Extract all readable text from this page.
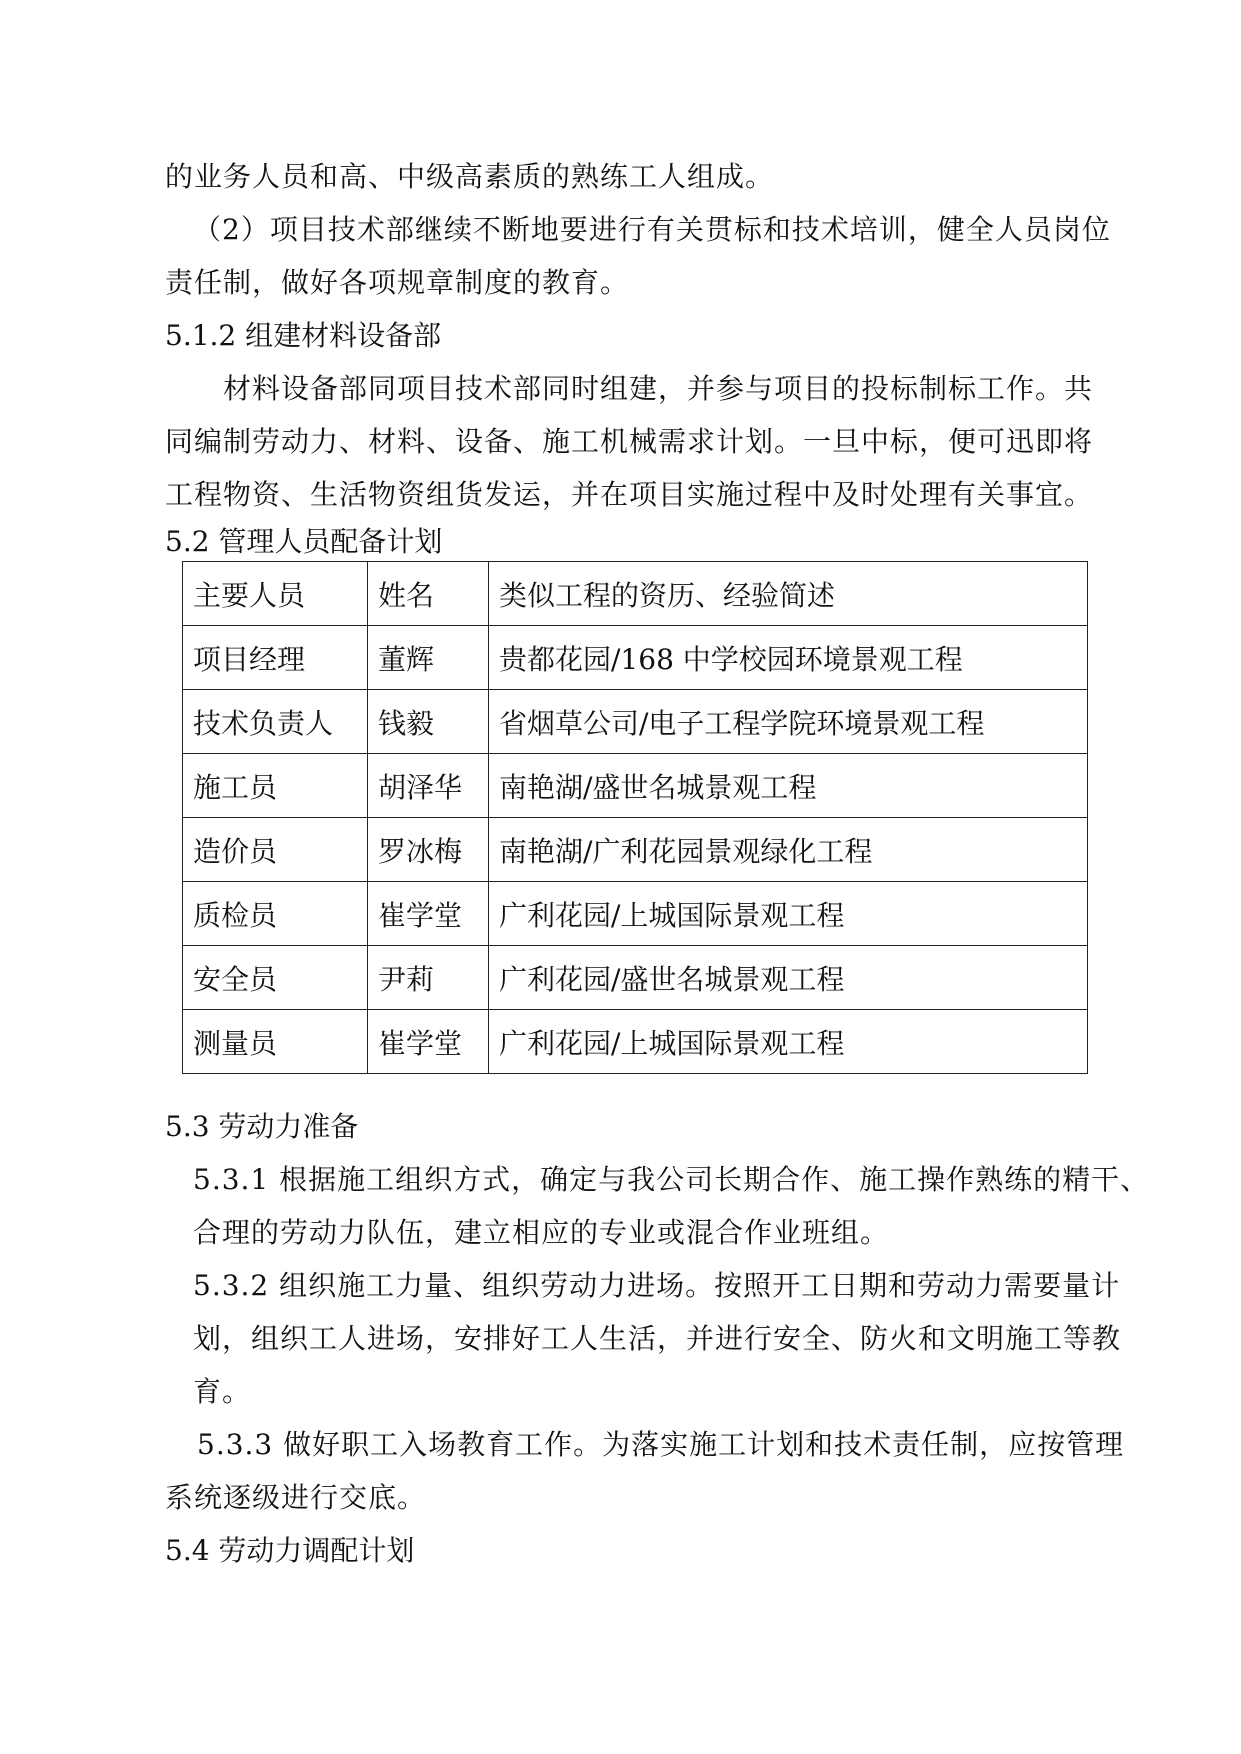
的业务人员和高、中级高素质的熟练工人组成。
（2）项目技术部继续不断地要进行有关贯标和技术培训，健全人员岗位
责任制，做好各项规章制度的教育。
5.1.2 组建材料设备部
材料设备部同项目技术部同时组建，并参与项目的投标制标工作。共
同编制劳动力、材料、设备、施工机械需求计划。一旦中标，便可迅即将
工程物资、生活物资组货发运，并在项目实施过程中及时处理有关事宜。
5.2 管理人员配备计划
主要人员	姓名	类似工程的资历、经验简述
项目经理	董辉	贵都花园/168 中学校园环境景观工程
技术负责人	钱毅	省烟草公司/电子工程学院环境景观工程
施工员	胡泽华	南艳湖/盛世名城景观工程
造价员	罗冰梅	南艳湖/广利花园景观绿化工程
质检员	崔学堂	广利花园/上城国际景观工程
安全员	尹莉	广利花园/盛世名城景观工程
测量员	崔学堂	广利花园/上城国际景观工程
5.3 劳动力准备
5.3.1 根据施工组织方式，确定与我公司长期合作、施工操作熟练的精干、
合理的劳动力队伍，建立相应的专业或混合作业班组。
5.3.2 组织施工力量、组织劳动力进场。按照开工日期和劳动力需要量计
划，组织工人进场，安排好工人生活，并进行安全、防火和文明施工等教
育。
5.3.3 做好职工入场教育工作。为落实施工计划和技术责任制，应按管理
系统逐级进行交底。
5.4 劳动力调配计划
